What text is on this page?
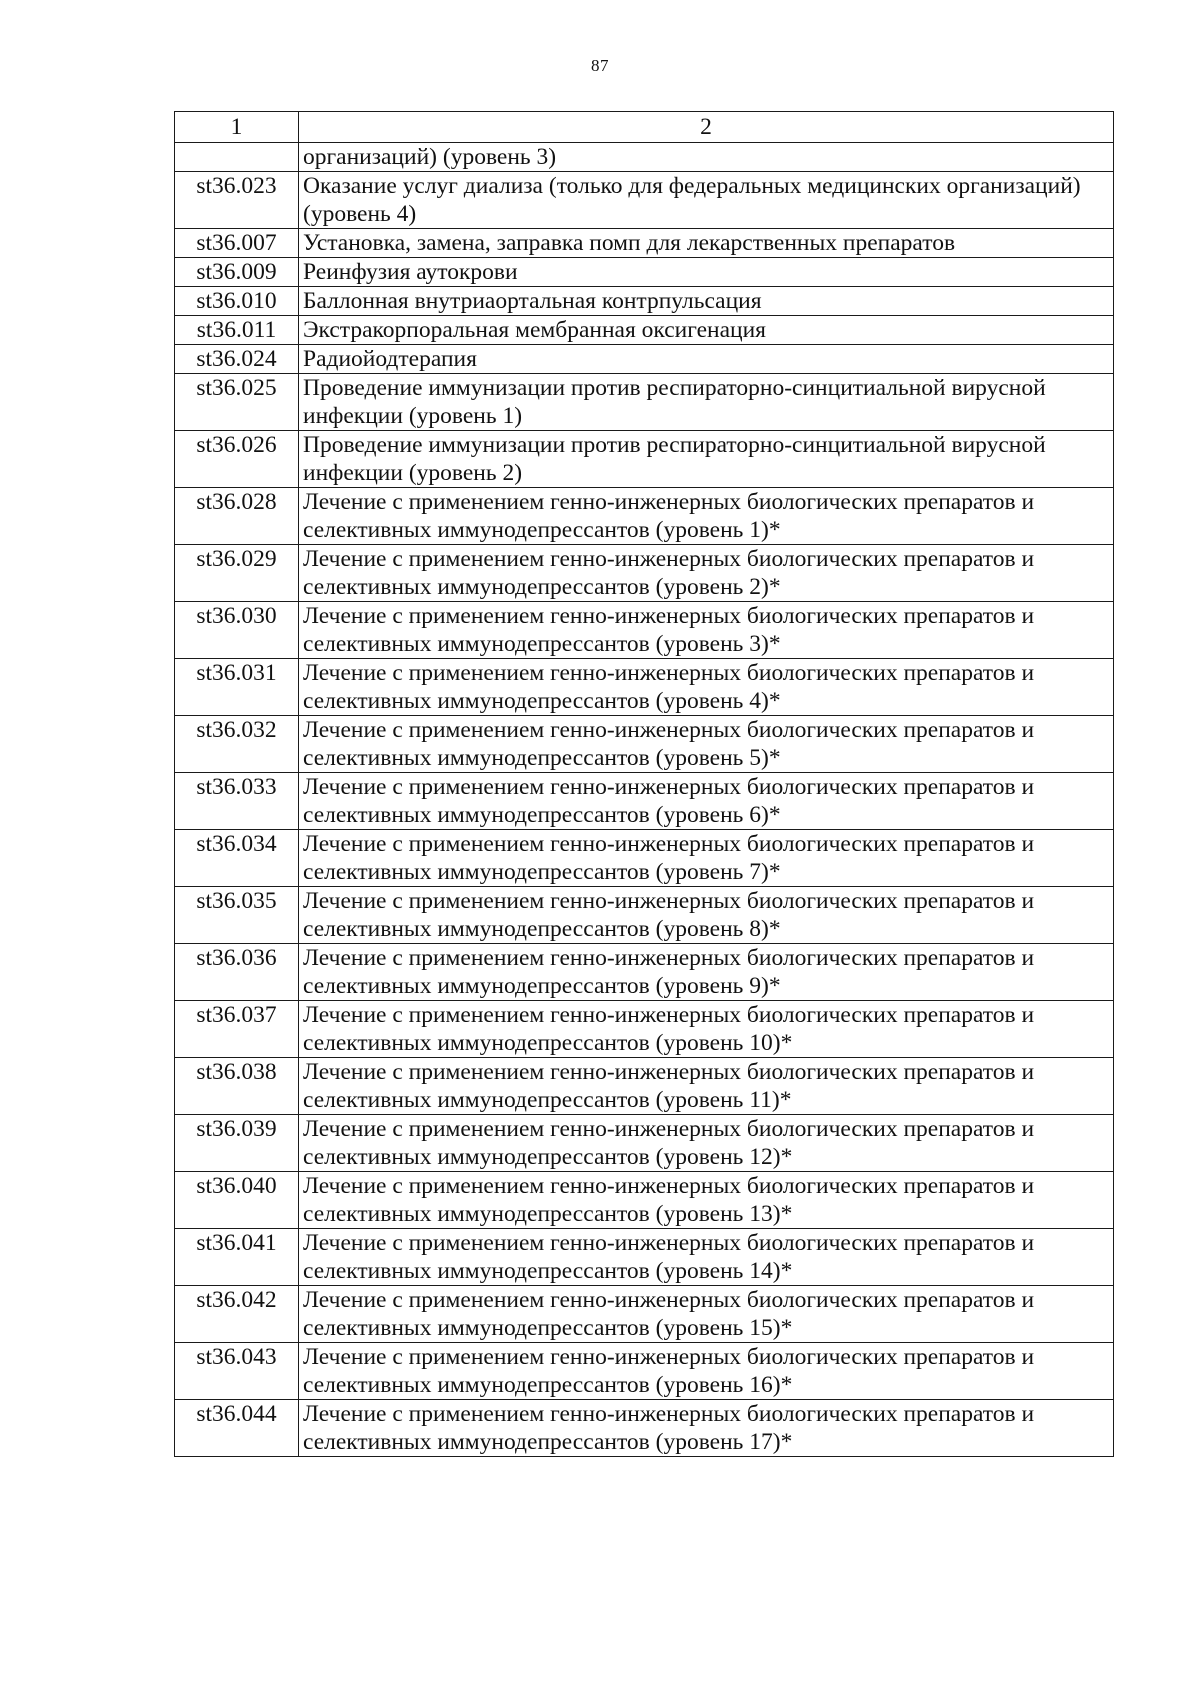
87
1	2
	организаций) (уровень 3)
st36.023	Оказание услуг диализа (только для федеральных медицинских организаций) (уровень 4)
st36.007	Установка, замена, заправка помп для лекарственных препаратов
st36.009	Реинфузия аутокрови
st36.010	Баллонная внутриаортальная контрпульсация
st36.011	Экстракорпоральная мембранная оксигенация
st36.024	Радиойодтерапия
st36.025	Проведение иммунизации против респираторно-синцитиальной вирусной инфекции (уровень 1)
st36.026	Проведение иммунизации против респираторно-синцитиальной вирусной инфекции (уровень 2)
st36.028	Лечение с применением генно-инженерных биологических препаратов и селективных иммунодепрессантов (уровень 1)*
st36.029	Лечение с применением генно-инженерных биологических препаратов и селективных иммунодепрессантов (уровень 2)*
st36.030	Лечение с применением генно-инженерных биологических препаратов и селективных иммунодепрессантов (уровень 3)*
st36.031	Лечение с применением генно-инженерных биологических препаратов и селективных иммунодепрессантов (уровень 4)*
st36.032	Лечение с применением генно-инженерных биологических препаратов и селективных иммунодепрессантов (уровень 5)*
st36.033	Лечение с применением генно-инженерных биологических препаратов и селективных иммунодепрессантов (уровень 6)*
st36.034	Лечение с применением генно-инженерных биологических препаратов и селективных иммунодепрессантов (уровень 7)*
st36.035	Лечение с применением генно-инженерных биологических препаратов и селективных иммунодепрессантов (уровень 8)*
st36.036	Лечение с применением генно-инженерных биологических препаратов и селективных иммунодепрессантов (уровень 9)*
st36.037	Лечение с применением генно-инженерных биологических препаратов и селективных иммунодепрессантов (уровень 10)*
st36.038	Лечение с применением генно-инженерных биологических препаратов и селективных иммунодепрессантов (уровень 11)*
st36.039	Лечение с применением генно-инженерных биологических препаратов и селективных иммунодепрессантов (уровень 12)*
st36.040	Лечение с применением генно-инженерных биологических препаратов и селективных иммунодепрессантов (уровень 13)*
st36.041	Лечение с применением генно-инженерных биологических препаратов и селективных иммунодепрессантов (уровень 14)*
st36.042	Лечение с применением генно-инженерных биологических препаратов и селективных иммунодепрессантов (уровень 15)*
st36.043	Лечение с применением генно-инженерных биологических препаратов и селективных иммунодепрессантов (уровень 16)*
st36.044	Лечение с применением генно-инженерных биологических препаратов и селективных иммунодепрессантов (уровень 17)*
